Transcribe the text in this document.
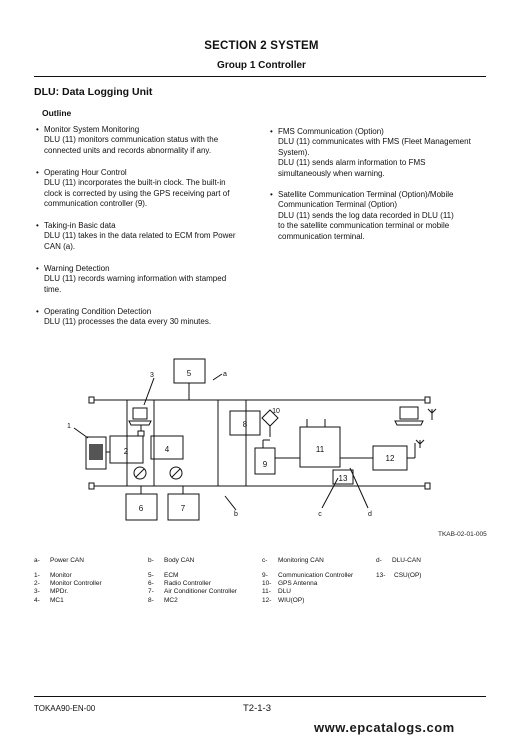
SECTION 2 SYSTEM
Group 1 Controller
DLU: Data Logging Unit
Outline
• Monitor System Monitoring
DLU (11) monitors communication status with the
connected units and records abnormality if any.
• Operating Hour Control
DLU (11) incorporates the built-in clock. The built-in
clock is corrected by using the GPS receiving part of
communication controller (9).
• Taking-in Basic data
DLU (11) takes in the data related to ECM from Power
CAN (a).
• Warning Detection
DLU (11) records warning information with stamped
time.
• Operating Condition Detection
DLU (11) processes the data every 30 minutes.
• FMS Communication (Option)
DLU (11) communicates with FMS (Fleet Management
System).
DLU (11) sends alarm information to FMS
simultaneously when warning.
• Satellite Communication Terminal (Option)/Mobile
Communication Terminal (Option)
DLU (11) sends the log data recorded in DLU (11)
to the satellite communication terminal or mobile
communication terminal.
5
2	4
8
6	7
9
11
12
13
3
1
10
a
b	c	d
TKAB-02-01-005
a- Power CAN	b- Body CAN	c- Monitoring CAN	d- DLU-CAN
1- Monitor
2- Monitor Controller
3- MPDr.
4- MC1
5- ECM
6- Radio Controller
7- Air Conditioner Controller
8- MC2
9- Communication Controller
10- GPS Antenna
11- DLU
12- WIU(OP)
13- CSU(OP)
TOKAA90-EN-00	T2-1-3
www.epcatalogs.com
